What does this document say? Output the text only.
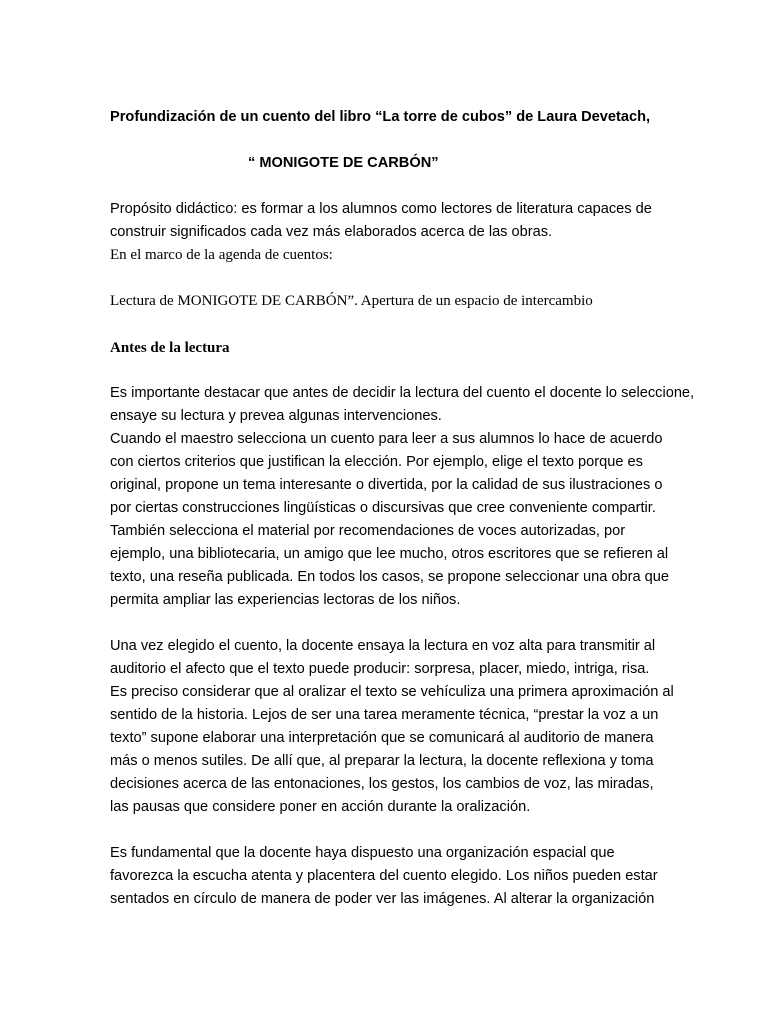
Profundización de un cuento del libro “La torre de cubos” de Laura Devetach,
“ MONIGOTE DE CARBÓN”
Propósito didáctico: es formar a los alumnos como lectores de literatura capaces de
construir significados cada vez más elaborados acerca de las obras.
En el marco de la agenda de cuentos:
Lectura de MONIGOTE DE CARBÓN”. Apertura de un espacio de intercambio
Antes de la lectura
Es importante destacar que antes de decidir la lectura del cuento el docente lo seleccione,
ensaye su lectura y prevea algunas intervenciones.
Cuando el maestro selecciona un cuento para leer a sus alumnos lo hace de acuerdo
con ciertos criterios que justifican la elección. Por ejemplo, elige el texto porque es
original, propone un tema interesante o divertida, por la calidad de sus ilustraciones o
por ciertas construcciones lingüísticas o discursivas que cree conveniente compartir.
También selecciona el material por recomendaciones de voces autorizadas, por
ejemplo, una bibliotecaria, un amigo que lee mucho, otros escritores que se refieren al
texto, una reseña publicada. En todos los casos, se propone seleccionar una obra que
permita ampliar las experiencias lectoras de los niños.
Una vez elegido el cuento, la docente ensaya la lectura en voz alta para transmitir al
auditorio el afecto que el texto puede producir: sorpresa, placer, miedo, intriga, risa.
Es preciso considerar que al oralizar el texto se vehículiza una primera aproximación al
sentido de la historia. Lejos de ser una tarea meramente técnica, “prestar la voz a un
texto” supone elaborar una interpretación que se comunicará al auditorio de manera
más o menos sutiles. De allí que, al preparar la lectura, la docente reflexiona y toma
decisiones acerca de las entonaciones, los gestos, los cambios de voz, las miradas,
las pausas que considere poner en acción durante la oralización.
Es fundamental que la docente haya dispuesto una organización espacial que
favorezca la escucha atenta y placentera del cuento elegido. Los niños pueden estar
sentados en círculo de manera de poder ver las imágenes. Al alterar la organización
